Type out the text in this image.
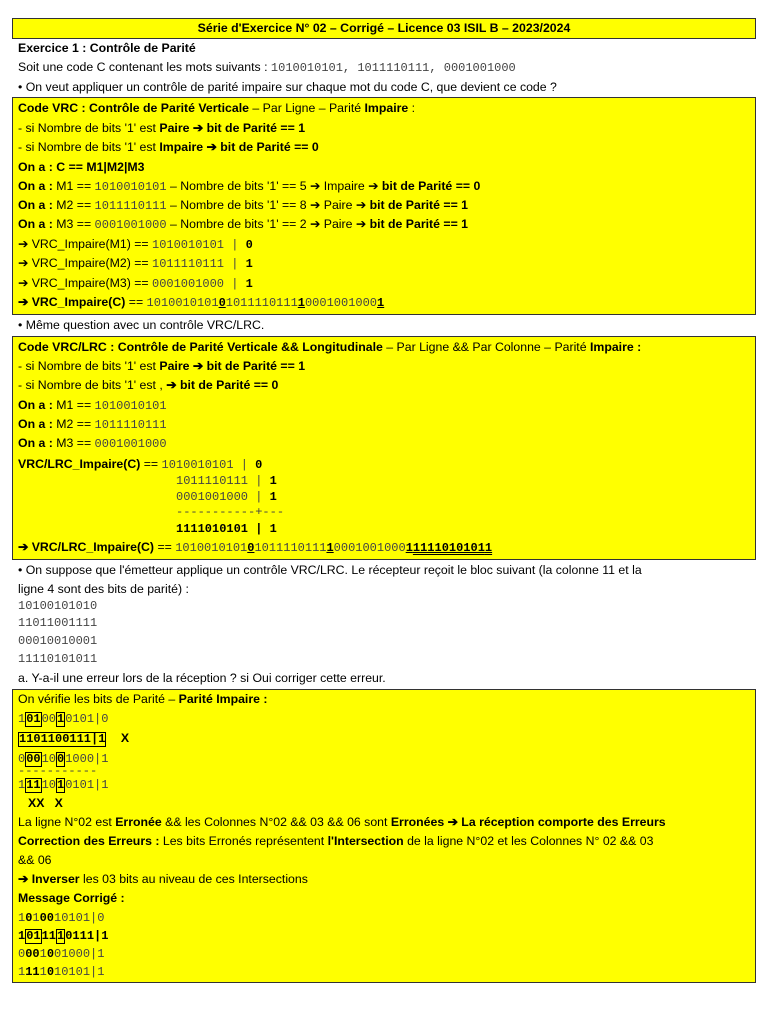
Série d'Exercice N° 02 – Corrigé – Licence 03 ISIL B – 2023/2024
Exercice 1 : Contrôle de Parité
Soit une code C contenant les mots suivants : 1010010101, 1011110111, 0001001000
• On veut appliquer un contrôle de parité impaire sur chaque mot du code C, que devient ce code ?
Code VRC : Contrôle de Parité Verticale – Par Ligne – Parité Impaire :
- si Nombre de bits '1' est Paire ➔ bit de Parité == 1
- si Nombre de bits '1' est Impaire ➔ bit de Parité == 0
On a : C == M1|M2|M3
On a : M1 == 1010010101 – Nombre de bits '1' == 5 ➔ Impaire ➔ bit de Parité == 0
On a : M2 == 1011110111 – Nombre de bits '1' == 8 ➔ Paire ➔ bit de Parité == 1
On a : M3 == 0001001000 – Nombre de bits '1' == 2 ➔ Paire ➔ bit de Parité == 1
➔ VRC_Impaire(M1) == 1010010101 | 0
➔ VRC_Impaire(M2) == 1011110111 | 1
➔ VRC_Impaire(M3) == 0001001000 | 1
➔ VRC_Impaire(C) == 101001010101011110111100010010001
• Même question avec un contrôle VRC/LRC.
Code VRC/LRC : Contrôle de Parité Verticale && Longitudinale – Par Ligne && Par Colonne – Parité Impaire :
- si Nombre de bits '1' est Paire ➔ bit de Parité == 1
- si Nombre de bits '1' est , ➔ bit de Parité == 0
On a : M1 == 1010010101
On a : M2 == 1011110111
On a : M3 == 0001001000
VRC/LRC_Impaire(C) == 1010010101 | 0
1011110111 | 1
0001001000 | 1
-----------+---
1111010101 | 1
➔ VRC/LRC_Impaire(C) == 10100101010101111011110001001000111110101011
• On suppose que l'émetteur applique un contrôle VRC/LRC. Le récepteur reçoit le bloc suivant (la colonne 11 et la
ligne 4 sont des bits de parité) :
10100101010
11011001111
00010010001
11110101011
a. Y-a-il une erreur lors de la réception ? si Oui corriger cette erreur.
On vérifie les bits de Parité – Parité Impaire :
1010010101|0
1101100111|1 X
0001001000|1
-----------
1111010101|1
XX   X
La ligne N°02 est Erronée && les Colonnes N°02 && 03 && 06 sont Erronées ➔ La réception comporte des Erreurs
Correction des Erreurs : Les bits Erronés représentent l'Intersection de la ligne N°02 et les Colonnes N° 02 && 03
&& 06
➔ Inverser les 03 bits au niveau de ces Intersections
Message Corrigé :
1010010101|0
1011110111|1
0001001000|1
1111010101|1
